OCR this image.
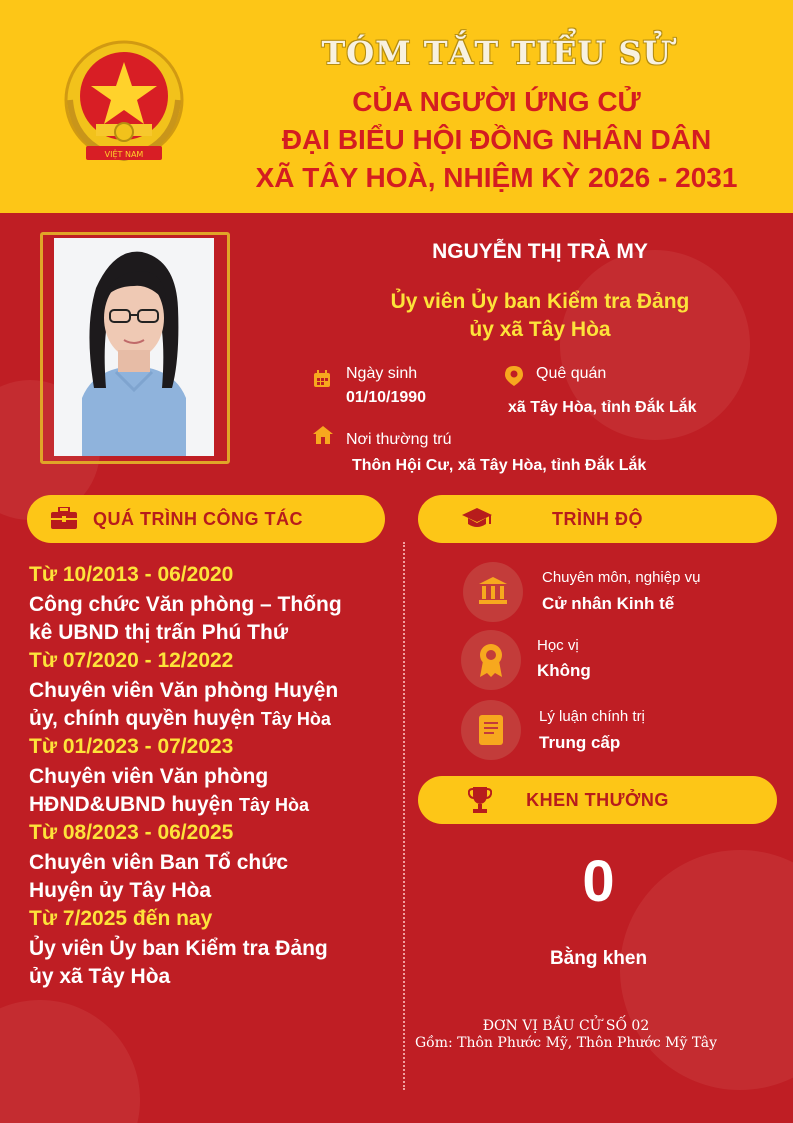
VIỆT NAM
TÓM TẮT TIỂU SỬ
CỦA NGƯỜI ỨNG CỬ
ĐẠI BIỂU HỘI ĐỒNG NHÂN DÂN
XÃ TÂY HOÀ, NHIỆM KỲ 2026 - 2031
NGUYỄN THỊ TRÀ MY
Ủy viên Ủy ban Kiểm tra Đảng
ủy xã Tây Hòa
Ngày sinh
01/10/1990
Quê quán
xã Tây Hòa, tỉnh Đắk Lắk
Nơi thường trú
Thôn Hội Cư, xã Tây Hòa, tỉnh Đắk Lắk
QUÁ TRÌNH CÔNG TÁC	TRÌNH ĐỘ
Từ 10/2013 - 06/2020
Công chức Văn phòng – Thống
kê UBND thị trấn Phú Thứ
Từ 07/2020 - 12/2022
Chuyên viên Văn phòng Huyện
ủy, chính quyền huyện Tây Hòa
Từ 01/2023 - 07/2023
Chuyên viên Văn phòng
HĐND&UBND huyện Tây Hòa
Từ 08/2023 - 06/2025
Chuyên viên Ban Tổ chức
Huyện ủy Tây Hòa
Từ 7/2025 đến nay
Ủy viên Ủy ban Kiểm tra Đảng
ủy xã Tây Hòa
Chuyên môn, nghiệp vụ
Cử nhân Kinh tế
Học vị
Không
Lý luận chính trị
Trung cấp
KHEN THƯỞNG
0
Bằng khen
ĐƠN VỊ BẦU CỬ SỐ 02
Gồm: Thôn Phước Mỹ, Thôn Phước Mỹ Tây
